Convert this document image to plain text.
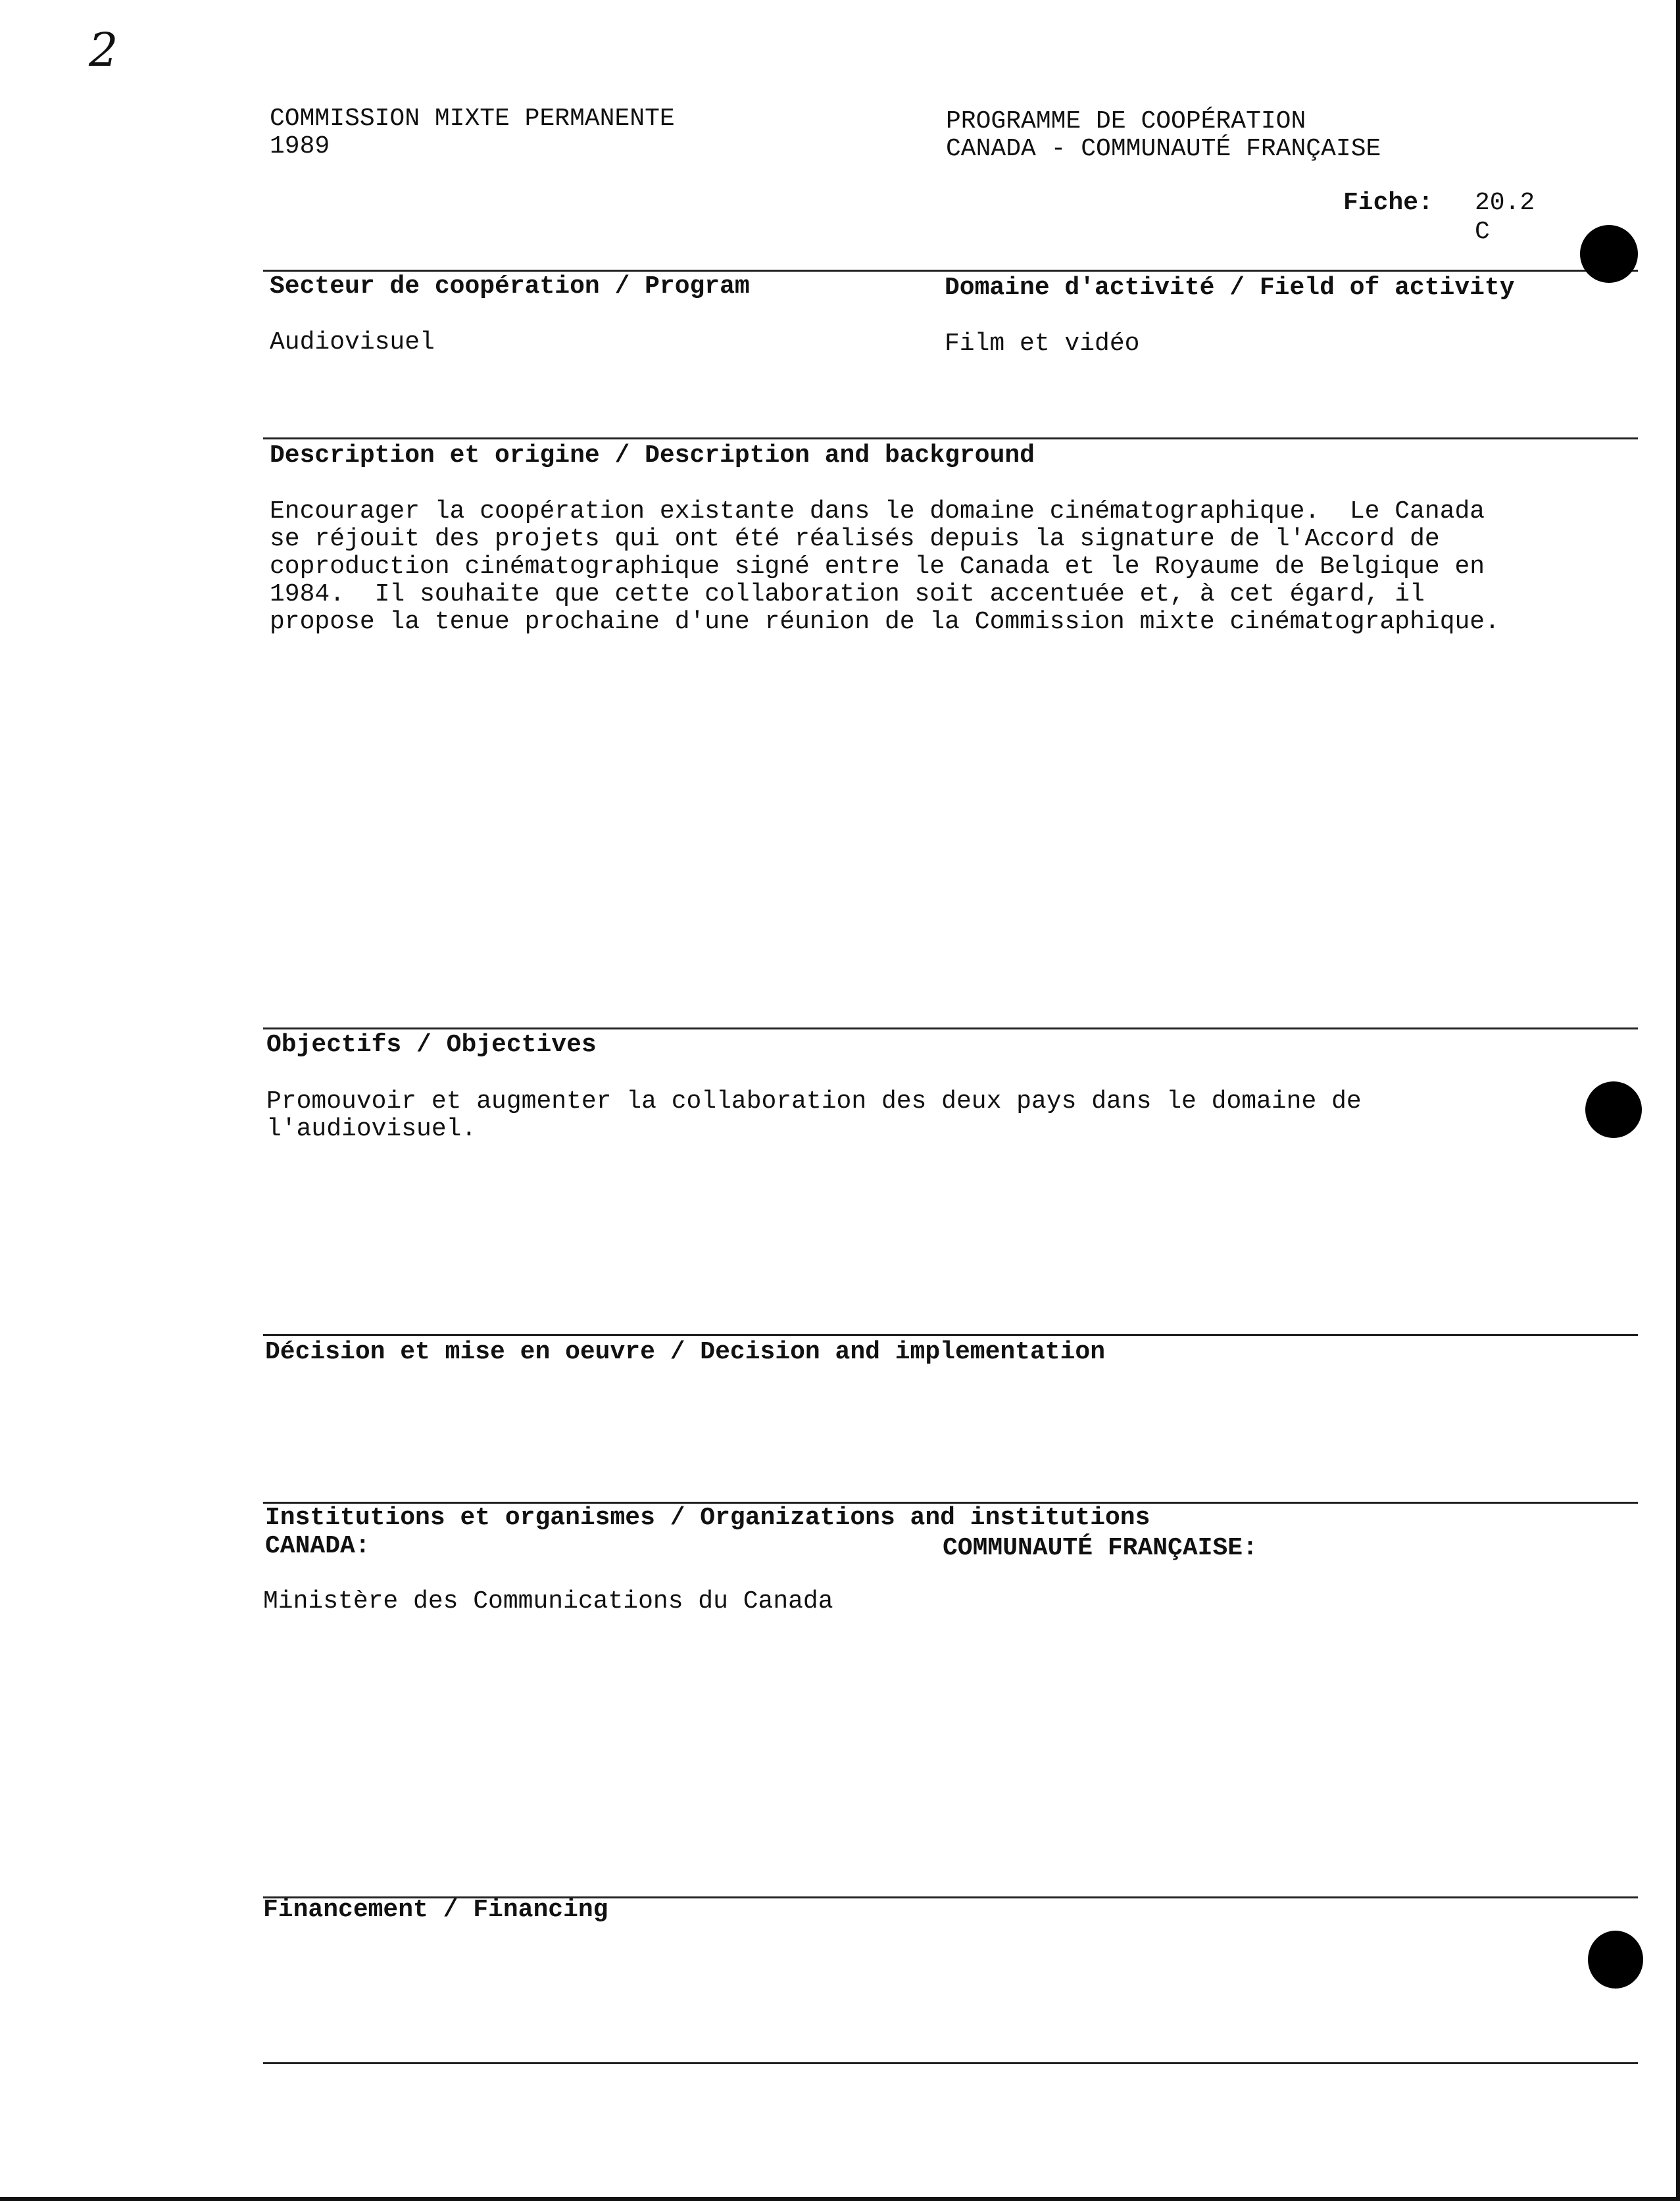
2
COMMISSION MIXTE PERMANENTE
1989
PROGRAMME DE COOPÉRATION
CANADA - COMMUNAUTÉ FRANÇAISE
Fiche: 20.2
C
Secteur de coopération / Program	Domaine d'activité / Field of activity
Audiovisuel	Film et vidéo
Description et origine / Description and background
Encourager la coopération existante dans le domaine cinématographique.  Le Canada
se réjouit des projets qui ont été réalisés depuis la signature de l'Accord de
coproduction cinématographique signé entre le Canada et le Royaume de Belgique en
1984.  Il souhaite que cette collaboration soit accentuée et, à cet égard, il
propose la tenue prochaine d'une réunion de la Commission mixte cinématographique.
Objectifs / Objectives
Promouvoir et augmenter la collaboration des deux pays dans le domaine de
l'audiovisuel.
Décision et mise en oeuvre / Decision and implementation
Institutions et organismes / Organizations and institutions
CANADA:	COMMUNAUTÉ FRANÇAISE:
Ministère des Communications du Canada
Financement / Financing
